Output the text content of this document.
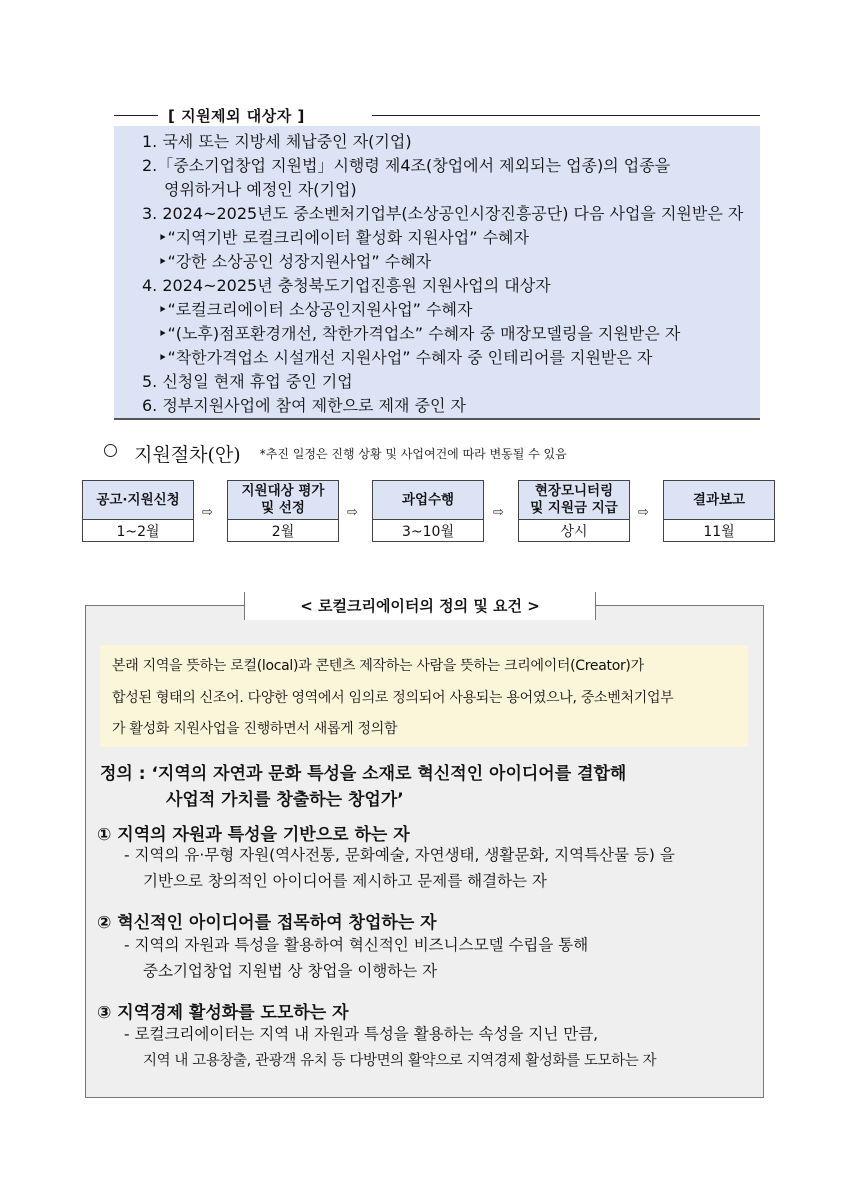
[ 지원제외 대상자 ]
1. 국세 또는 지방세 체납중인 자(기업)
2.「중소기업창업 지원법」시행령 제4조(창업에서 제외되는 업종)의 업종을
영위하거나 예정인 자(기업)
3. 2024~2025년도 중소벤처기업부(소상공인시장진흥공단) 다음 사업을 지원받은 자
‣“지역기반 로컬크리에이터 활성화 지원사업” 수혜자
‣“강한 소상공인 성장지원사업” 수혜자
4. 2024~2025년 충청북도기업진흥원 지원사업의 대상자
‣“로컬크리에이터 소상공인지원사업” 수혜자
‣“(노후)점포환경개선, 착한가격업소” 수혜자 중 매장모델링을 지원받은 자
‣“착한가격업소 시설개선 지원사업” 수혜자 중 인테리어를 지원받은 자
5. 신청일 현재 휴업 중인 기업
6. 정부지원사업에 참여 제한으로 제재 중인 자
지원절차(안) *추진 일정은 진행 상황 및 사업여건에 따라 변동될 수 있음
공고·지원신청
1~2월
⇨
지원대상 평가
및 선정
2월
⇨
과업수행
3~10월
⇨
현장모니터링
및 지원금 지급
상시
⇨
결과보고
11월
< 로컬크리에이터의 정의 및 요건 >

본래 지역을 뜻하는 로컬(local)과 콘텐츠 제작하는 사람을 뜻하는 크리에이터(Creator)가

합성된 형태의 신조어. 다양한 영역에서 임의로 정의되어 사용되는 용어였으나, 중소벤처기업부

가 활성화 지원사업을 진행하면서 새롭게 정의함

정의 : ‘지역의 자연과 문화 특성을 소재로 혁신적인 아이디어를 결합해
사업적 가치를 창출하는 창업가’
① 지역의 자원과 특성을 기반으로 하는 자
- 지역의 유·무형 자원(역사전통, 문화예술, 자연생태, 생활문화, 지역특산물 등) 을
기반으로 창의적인 아이디어를 제시하고 문제를 해결하는 자
② 혁신적인 아이디어를 접목하여 창업하는 자
- 지역의 자원과 특성을 활용하여 혁신적인 비즈니스모델 수립을 통해
중소기업창업 지원법 상 창업을 이행하는 자
③ 지역경제 활성화를 도모하는 자
- 로컬크리에이터는 지역 내 자원과 특성을 활용하는 속성을 지닌 만큼,
지역 내 고용창출, 관광객 유치 등 다방면의 활약으로 지역경제 활성화를 도모하는 자
